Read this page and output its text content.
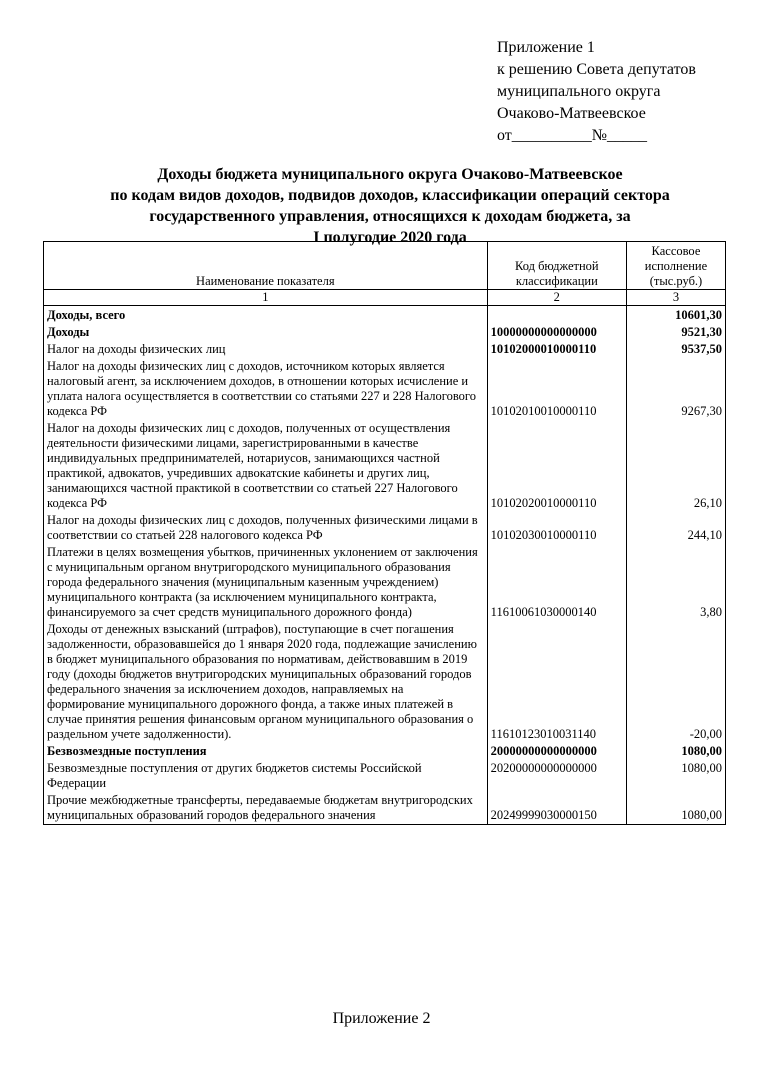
Приложение 1
к решению Совета депутатов
муниципального округа
Очаково-Матвеевское
от__________№_____
Доходы бюджета муниципального округа Очаково-Матвеевское
по кодам видов доходов, подвидов доходов, классификации операций сектора
государственного управления, относящихся к доходам бюджета, за
I полугодие 2020 года
Наименование показателя	Код бюджетной классификации	Кассовое исполнение (тыс.руб.)
1	2	3
Доходы, всего		10601,30
Доходы	10000000000000000	9521,30
Налог на доходы физических лиц	10102000010000110	9537,50
Налог на доходы физических лиц с доходов, источником которых является налоговый агент, за исключением доходов, в отношении которых исчисление и уплата налога осуществляется в соответствии со статьями 227 и 228 Налогового кодекса РФ	10102010010000110	9267,30
Налог на доходы физических лиц с доходов, полученных от осуществления деятельности физическими лицами, зарегистрированными в качестве индивидуальных предпринимателей, нотариусов, занимающихся частной практикой, адвокатов, учредивших адвокатские кабинеты и других лиц, занимающихся частной практикой в соответствии со статьей 227 Налогового кодекса РФ	10102020010000110	26,10
Налог на доходы физических лиц с доходов, полученных физическими лицами в соответствии со статьей 228 налогового кодекса РФ	10102030010000110	244,10
Платежи в целях возмещения убытков, причиненных уклонением от заключения с муниципальным органом внутригородского муниципального образования города федерального значения (муниципальным казенным учреждением) муниципального контракта (за исключением муниципального контракта, финансируемого за счет средств муниципального дорожного фонда)	11610061030000140	3,80
Доходы от денежных взысканий (штрафов), поступающие в счет погашения задолженности, образовавшейся до 1 января 2020 года, подлежащие зачислению в бюджет муниципального образования по нормативам, действовавшим в 2019 году (доходы бюджетов внутригородских муниципальных образований городов федерального значения за исключением доходов, направляемых на формирование муниципального дорожного фонда, а также иных платежей в случае принятия решения финансовым органом муниципального образования о раздельном учете задолженности).	11610123010031140	-20,00
Безвозмездные поступления	20000000000000000	1080,00
Безвозмездные поступления от других бюджетов системы Российской Федерации	20200000000000000	1080,00
Прочие межбюджетные трансферты, передаваемые бюджетам внутригородских муниципальных образований городов федерального значения	20249999030000150	1080,00
Приложение 2
